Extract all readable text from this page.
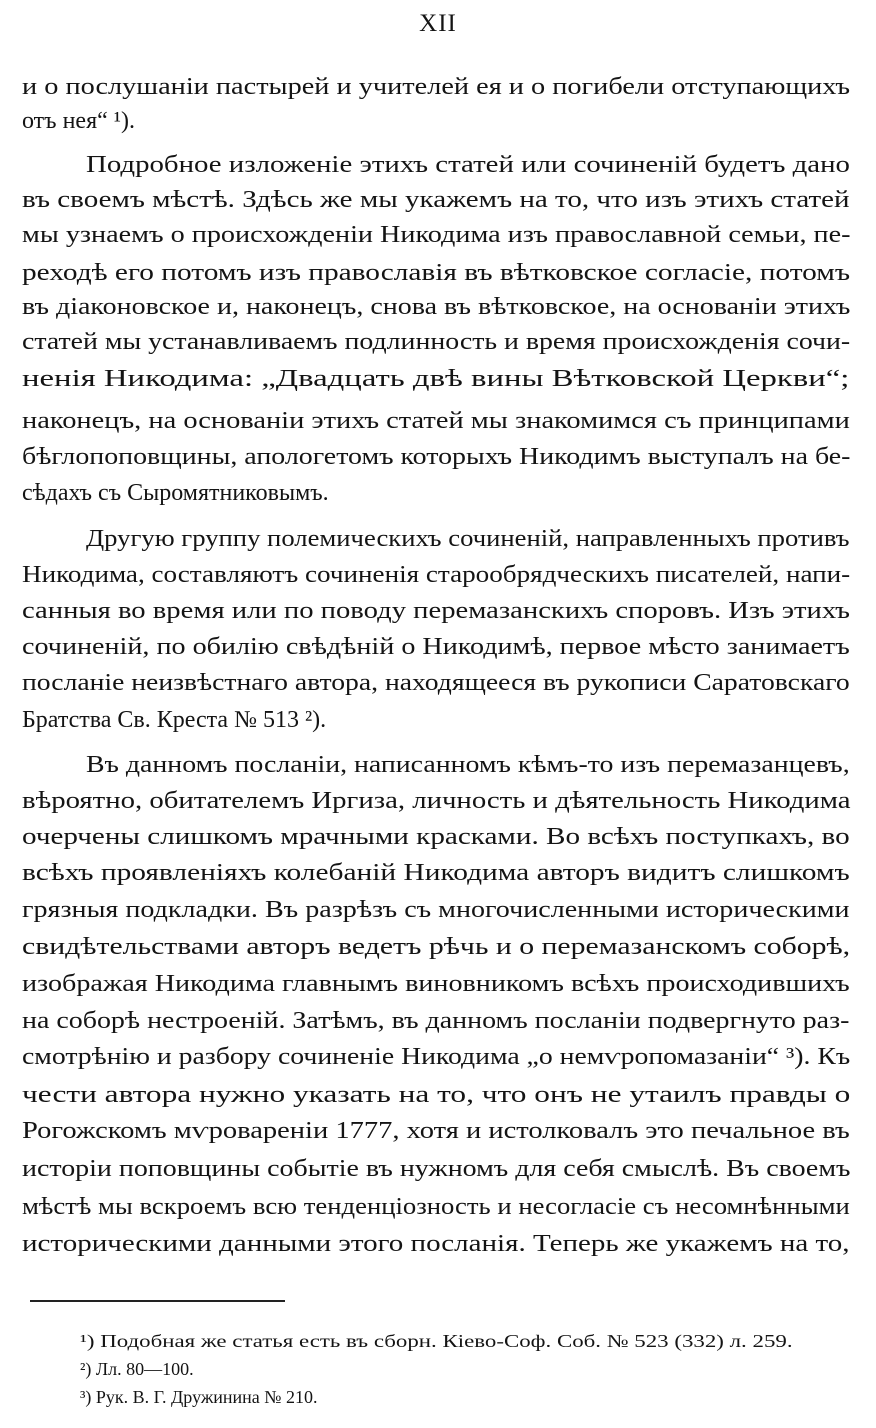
XII
и о послушаніи пастырей и учителей ея и о погибели отступающихъ
отъ нея“ ¹).
Подробное изложеніе этихъ статей или сочиненій будетъ дано
въ своемъ мѣстѣ. Здѣсь же мы укажемъ на то, что изъ этихъ статей
мы узнаемъ о происхожденіи Никодима изъ православной семьи, пе-
реходѣ его потомъ изъ православія въ вѣтковское согласіе, потомъ
въ діаконовское и, наконецъ, снова въ вѣтковское, на основаніи этихъ
статей мы устанавливаемъ подлинность и время происхожденія сочи-
ненія Никодима: „Двадцать двѣ вины Вѣтковской Церкви“;
наконецъ, на основаніи этихъ статей мы знакомимся съ принципами
бѣглопоповщины, апологетомъ которыхъ Никодимъ выступалъ на бе-
сѣдахъ съ Сыромятниковымъ.
Другую группу полемическихъ сочиненій, направленныхъ противъ
Никодима, составляютъ сочиненія старообрядческихъ писателей, напи-
санныя во время или по поводу перемазанскихъ споровъ. Изъ этихъ
сочиненій, по обилію свѣдѣній о Никодимѣ, первое мѣсто занимаетъ
посланіе неизвѣстнаго автора, находящееся въ рукописи Саратовскаго
Братства Св. Креста № 513 ²).
Въ данномъ посланіи, написанномъ кѣмъ-то изъ перемазанцевъ,
вѣроятно, обитателемъ Иргиза, личность и дѣятельность Никодима
очерчены слишкомъ мрачными красками. Во всѣхъ поступкахъ, во
всѣхъ проявленіяхъ колебаній Никодима авторъ видитъ слишкомъ
грязныя подкладки. Въ разрѣзъ съ многочисленными историческими
свидѣтельствами авторъ ведетъ рѣчь и о перемазанскомъ соборѣ,
изображая Никодима главнымъ виновникомъ всѣхъ происходившихъ
на соборѣ нестроеній. Затѣмъ, въ данномъ посланіи подвергнуто раз-
смотрѣнію и разбору сочиненіе Никодима „о немѵропомазаніи“ ³). Къ
чести автора нужно указать на то, что онъ не утаилъ правды о
Рогожскомъ мѵровареніи 1777, хотя и истолковалъ это печальное въ
исторіи поповщины событіе въ нужномъ для себя смыслѣ. Въ своемъ
мѣстѣ мы вскроемъ всю тенденціозность и несогласіе съ несомнѣнными
историческими данными этого посланія. Теперь же укажемъ на то,
¹) Подобная же статья есть въ сборн. Кіево-Соф. Соб. № 523 (332) л. 259.
²) Лл. 80—100.
³) Рук. В. Г. Дружинина № 210.
